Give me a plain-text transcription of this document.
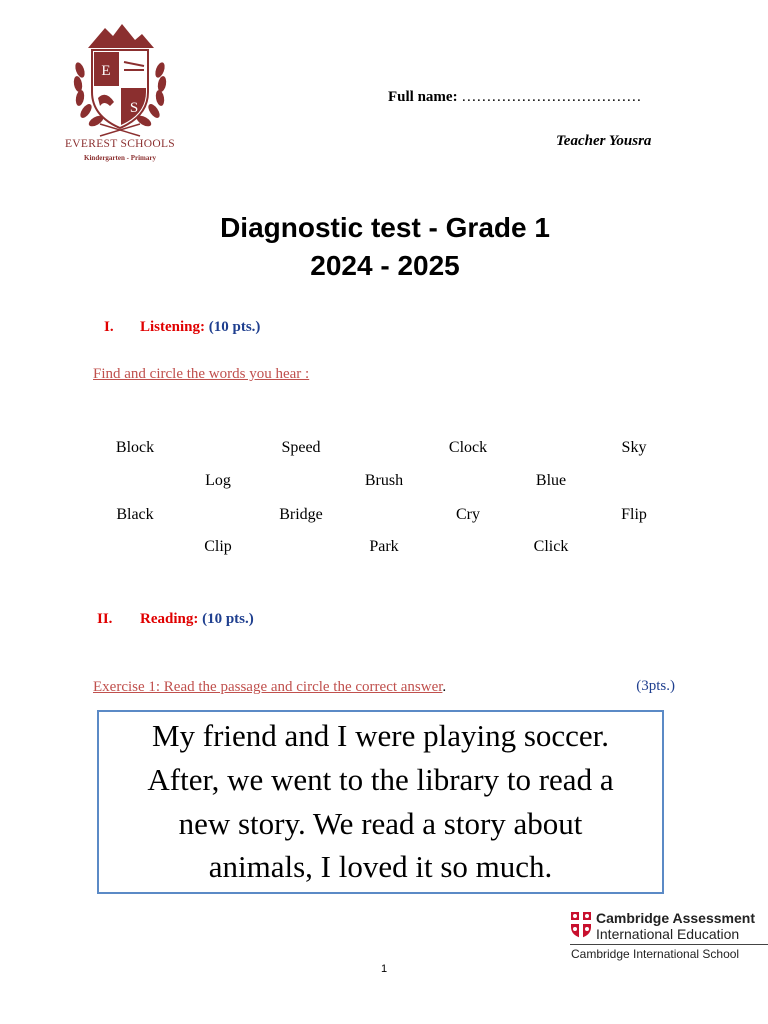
E
S
EVEREST SCHOOLS
Kindergarten - Primary
Full name: ………………………………
Teacher Yousra
Diagnostic test - Grade 1
2024 - 2025
I. Listening: (10 pts.)
Find and circle the words you hear :
Block	Speed	Clock	Sky
Log	Brush	Blue
Black	Bridge	Cry	Flip
Clip	Park	Click
II. Reading: (10 pts.)
Exercise 1: Read the passage and circle the correct answer.	(3pts.)
My friend and I were playing soccer.
After, we went to the library to read a
new story. We read a story about
animals, I loved it so much.
Cambridge Assessment
International Education
Cambridge International School
1
